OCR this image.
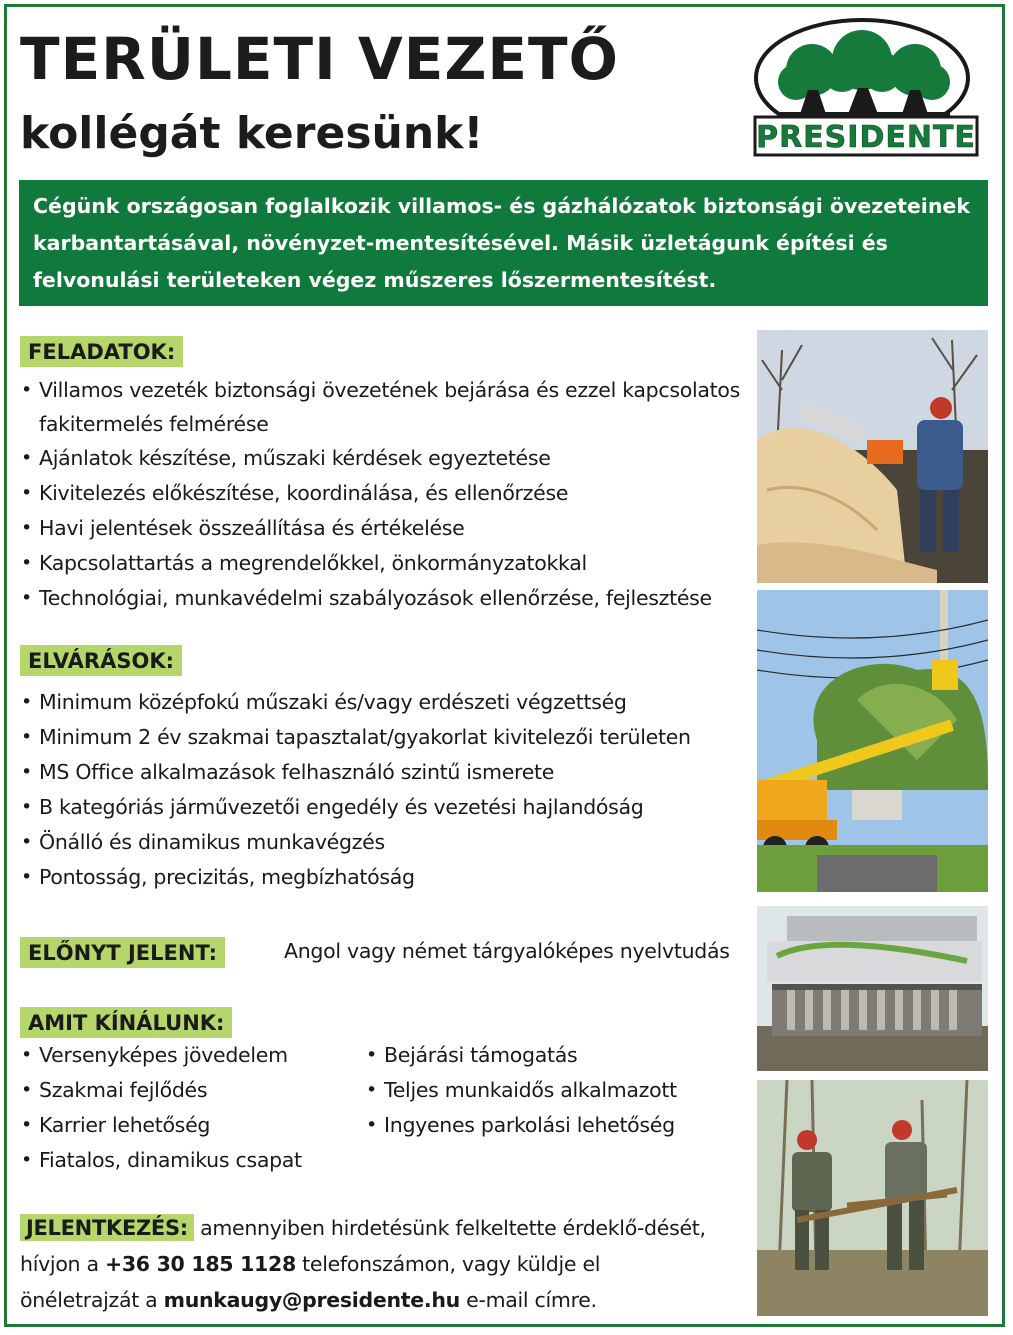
TERÜLETI VEZETŐ
kollégát keresünk!	PRESIDENTE
Cégünk országosan foglalkozik villamos- és gázhálózatok biztonsági övezeteinek karbantartásával, növényzet-mentesítésével. Másik üzletágunk építési és felvonulási területeken végez műszeres lőszermentesítést.
FELADATOK:
• Villamos vezeték biztonsági övezetének bejárása és ezzel kapcsolatos fakitermelés felmérése
• Ajánlatok készítése, műszaki kérdések egyeztetése
• Kivitelezés előkészítése, koordinálása, és ellenőrzése
• Havi jelentések összeállítása és értékelése
• Kapcsolattartás a megrendelőkkel, önkormányzatokkal
• Technológiai, munkavédelmi szabályozások ellenőrzése, fejlesztése
ELVÁRÁSOK:
• Minimum középfokú műszaki és/vagy erdészeti végzettség
• Minimum 2 év szakmai tapasztalat/gyakorlat kivitelezői területen
• MS Office alkalmazások felhasználó szintű ismerete
• B kategóriás járművezetői engedély és vezetési hajlandóság
• Önálló és dinamikus munkavégzés
• Pontosság, precizitás, megbízhatóság
ELŐNYT JELENT:	Angol vagy német tárgyalóképes nyelvtudás
AMIT KÍNÁLUNK:
• Versenyképes jövedelem
• Szakmai fejlődés
• Karrier lehetőség
• Fiatalos, dinamikus csapat
• Bejárási támogatás
• Teljes munkaidős alkalmazott
• Ingyenes parkolási lehetőség
JELENTKEZÉS: amennyiben hirdetésünk felkeltette érdeklő-dését, hívjon a +36 30 185 1128 telefonszámon, vagy küldje el önéletrajzát a munkaugy@presidente.hu e-mail címre.
